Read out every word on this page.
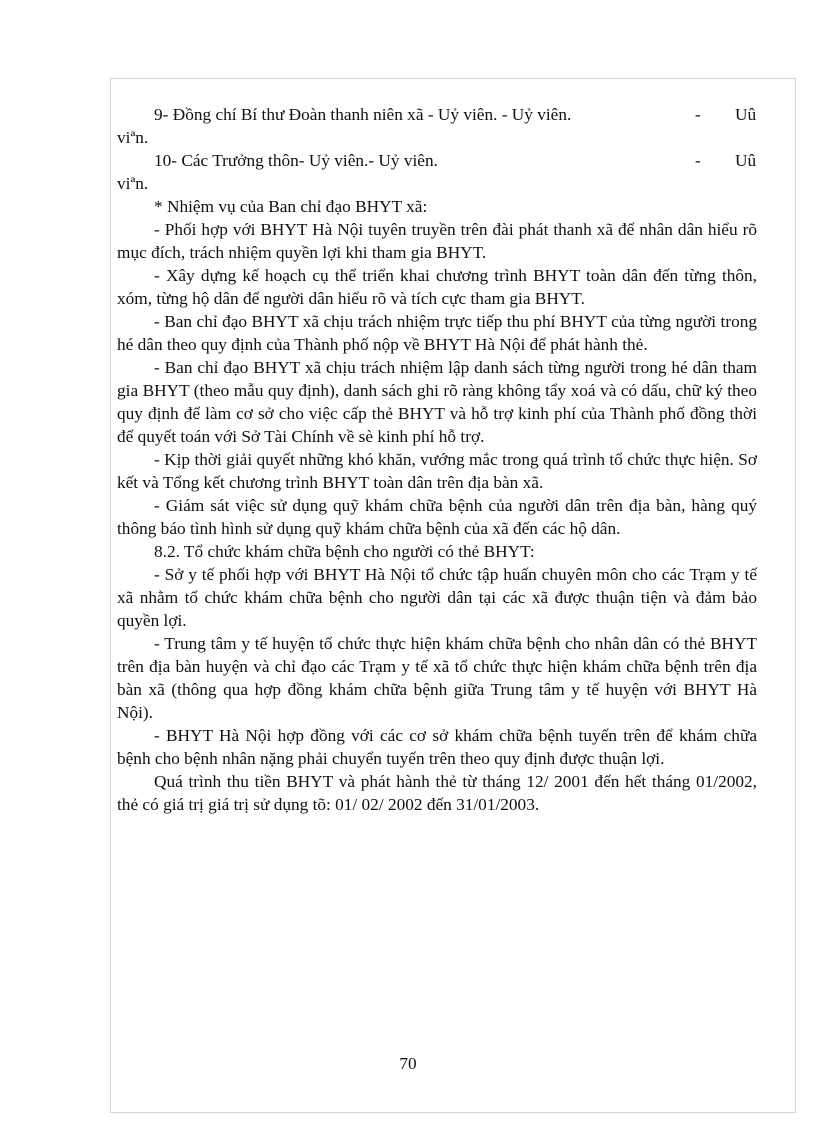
9- Đồng chí Bí thư Đoàn thanh niên xã - Uỷ viên. - Uỷ viên.	- Uû
viªn.
10- Các Trưởng thôn- Uỷ viên.- Uỷ viên.	- Uû
viªn.

* Nhiệm vụ của Ban chỉ đạo BHYT xã:

- Phối hợp với BHYT Hà Nội tuyên truyền trên đài phát thanh xã để nhân dân hiểu rõ mục đích, trách nhiệm quyền lợi khi tham gia BHYT.

- Xây dựng kế hoạch cụ thể triển khai chương trình BHYT toàn dân đến từng thôn, xóm, từng hộ dân để người dân hiểu rõ và tích cực tham gia BHYT.

- Ban chỉ đạo BHYT xã chịu trách nhiệm trực tiếp thu phí BHYT của từng người trong hé dân theo quy định của Thành phố nộp về BHYT Hà Nội để phát hành thẻ.

- Ban chỉ đạo BHYT xã chịu trách nhiệm lập danh sách từng người trong hé dân tham gia BHYT (theo mẫu quy định), danh sách ghi rõ ràng không tẩy xoá và có dấu, chữ ký theo quy định để làm cơ sở cho việc cấp thẻ BHYT và hỗ trợ kinh phí của Thành phố đồng thời để quyết toán với Sở Tài Chính về sè kinh phí hỗ trợ.

- Kịp thời giải quyết những khó khăn, vướng mắc trong quá trình tổ chức thực hiện. Sơ kết và Tổng kết chương trình BHYT toàn dân trên địa bàn xã.

- Giám sát việc sử dụng quỹ khám chữa bệnh của người dân trên địa bàn, hàng quý thông báo tình hình sử dụng quỹ khám chữa bệnh của xã đến các hộ dân.

8.2. Tổ chức khám chữa bệnh cho người có thẻ BHYT:

- Sở y tế phối hợp với BHYT Hà Nội tổ chức tập huấn chuyên môn cho các Trạm y tế xã nhằm tổ chức khám chữa bệnh cho người dân tại các xã được thuận tiện và đảm bảo quyền lợi.

- Trung tâm y tế huyện tổ chức thực hiện khám chữa bệnh cho nhân dân có thẻ BHYT trên địa bàn huyện và chỉ đạo các Trạm y tế xã tổ chức thực hiện khám chữa bệnh trên địa bàn xã (thông qua hợp đồng khám chữa bệnh giữa Trung tâm y tế huyện với BHYT Hà Nội).

- BHYT Hà Nội hợp đồng với các cơ sở khám chữa bệnh tuyến trên để khám chữa bệnh cho bệnh nhân nặng phải chuyển tuyến trên theo quy định được thuận lợi.

Quá trình thu tiền BHYT và phát hành thẻ từ tháng 12/ 2001 đến hết tháng 01/2002, thẻ có giá trị giá trị sử dụng tõ: 01/ 02/ 2002 đến 31/01/2003.

70
